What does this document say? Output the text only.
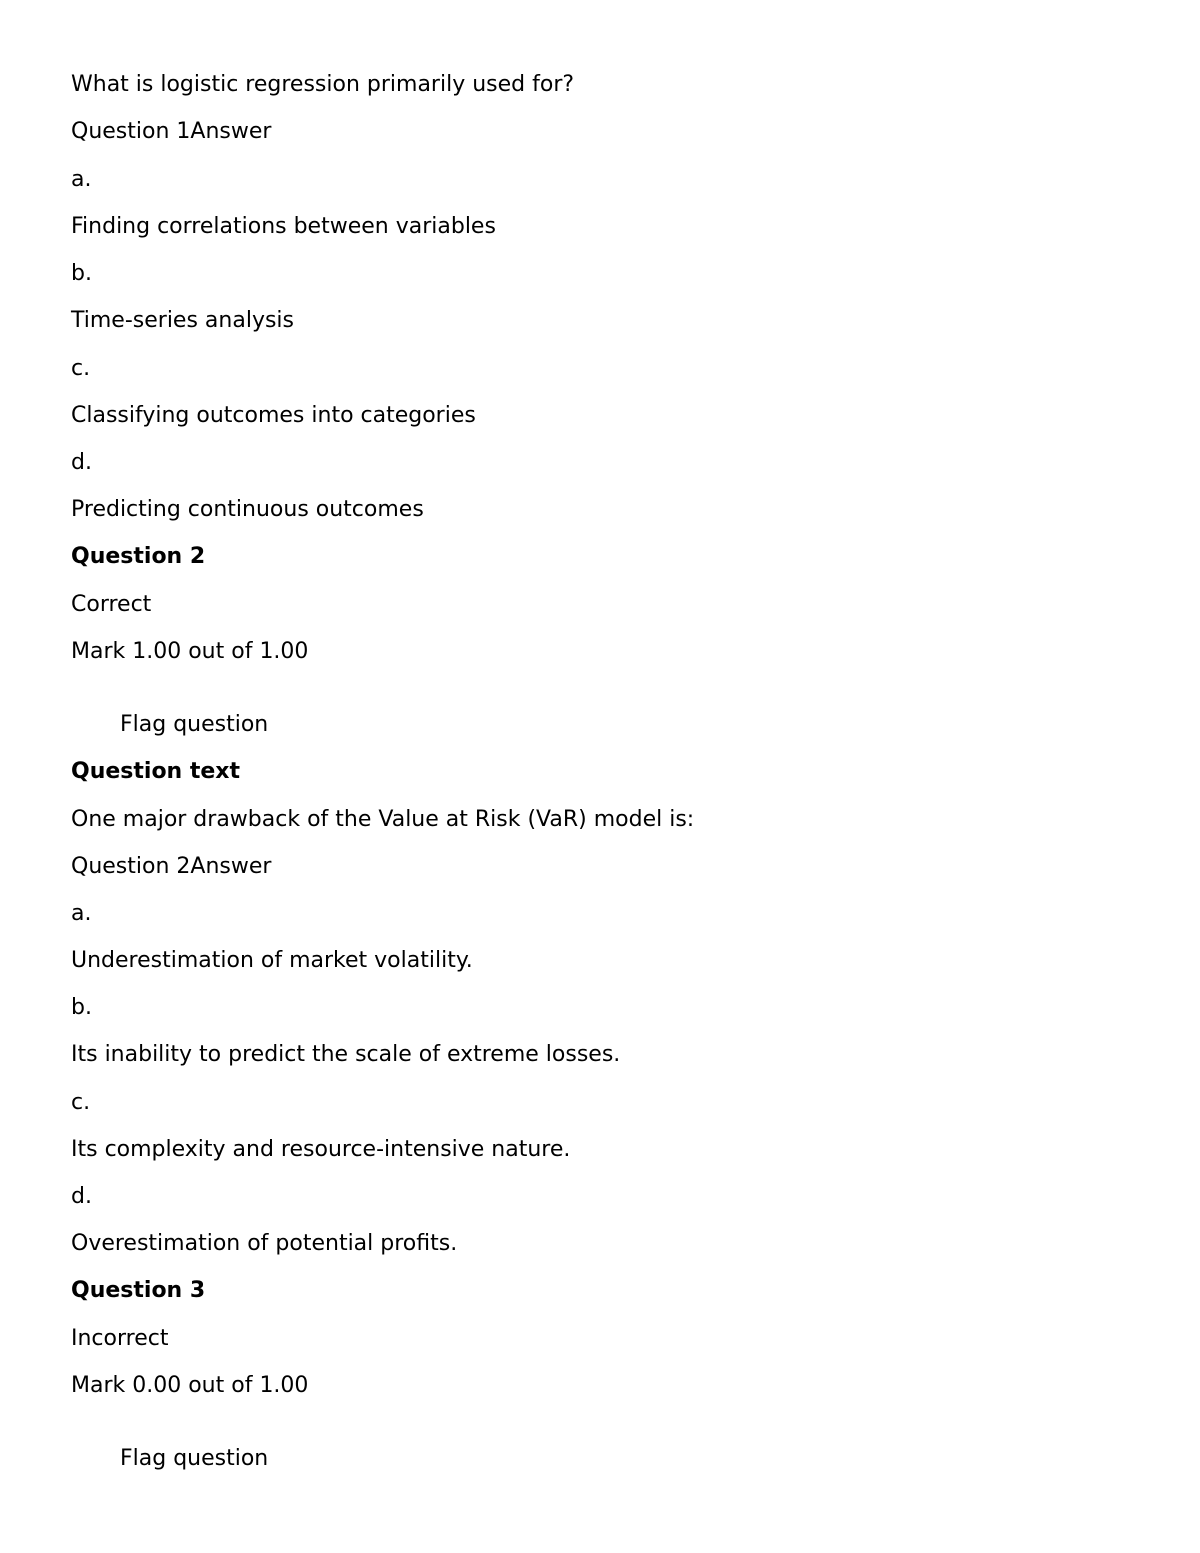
What is logistic regression primarily used for?
Question 1Answer
a.
Finding correlations between variables
b.
Time-series analysis
c.
Classifying outcomes into categories
d.
Predicting continuous outcomes
Question 2
Correct
Mark 1.00 out of 1.00
Flag question
Question text
One major drawback of the Value at Risk (VaR) model is:
Question 2Answer
a.
Underestimation of market volatility.
b.
Its inability to predict the scale of extreme losses.
c.
Its complexity and resource-intensive nature.
d.
Overestimation of potential profits.
Question 3
Incorrect
Mark 0.00 out of 1.00
Flag question
